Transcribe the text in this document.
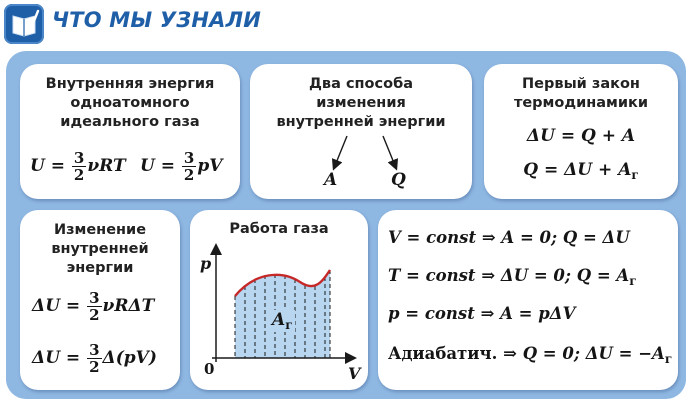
ЧТО МЫ УЗНАЛИ
Внутренняя энергия
одноатомного
идеального газа
$U = \frac{3}{2}$ νRT $U = \frac{3}{2}$ pV
Два способа
изменения
внутренней энергии
A	Q
Первый закон
термодинамики
ΔU = Q + A
$Q = \Delta U + A_г$
Изменение
внутренней
энергии
$\Delta U = \frac{3}{2}$ νRΔT
$\Delta U = \frac{3}{2} \Delta(pV)$
Работа газа
p
V
0
$A_г$
V = const ⇒ A = 0; Q = ΔU
T = const ⇒ ΔU = 0; $Q = A_г$
p = const ⇒ A = pΔV
Адиабатич. ⇒ Q = 0; $\Delta U = -A_г$
